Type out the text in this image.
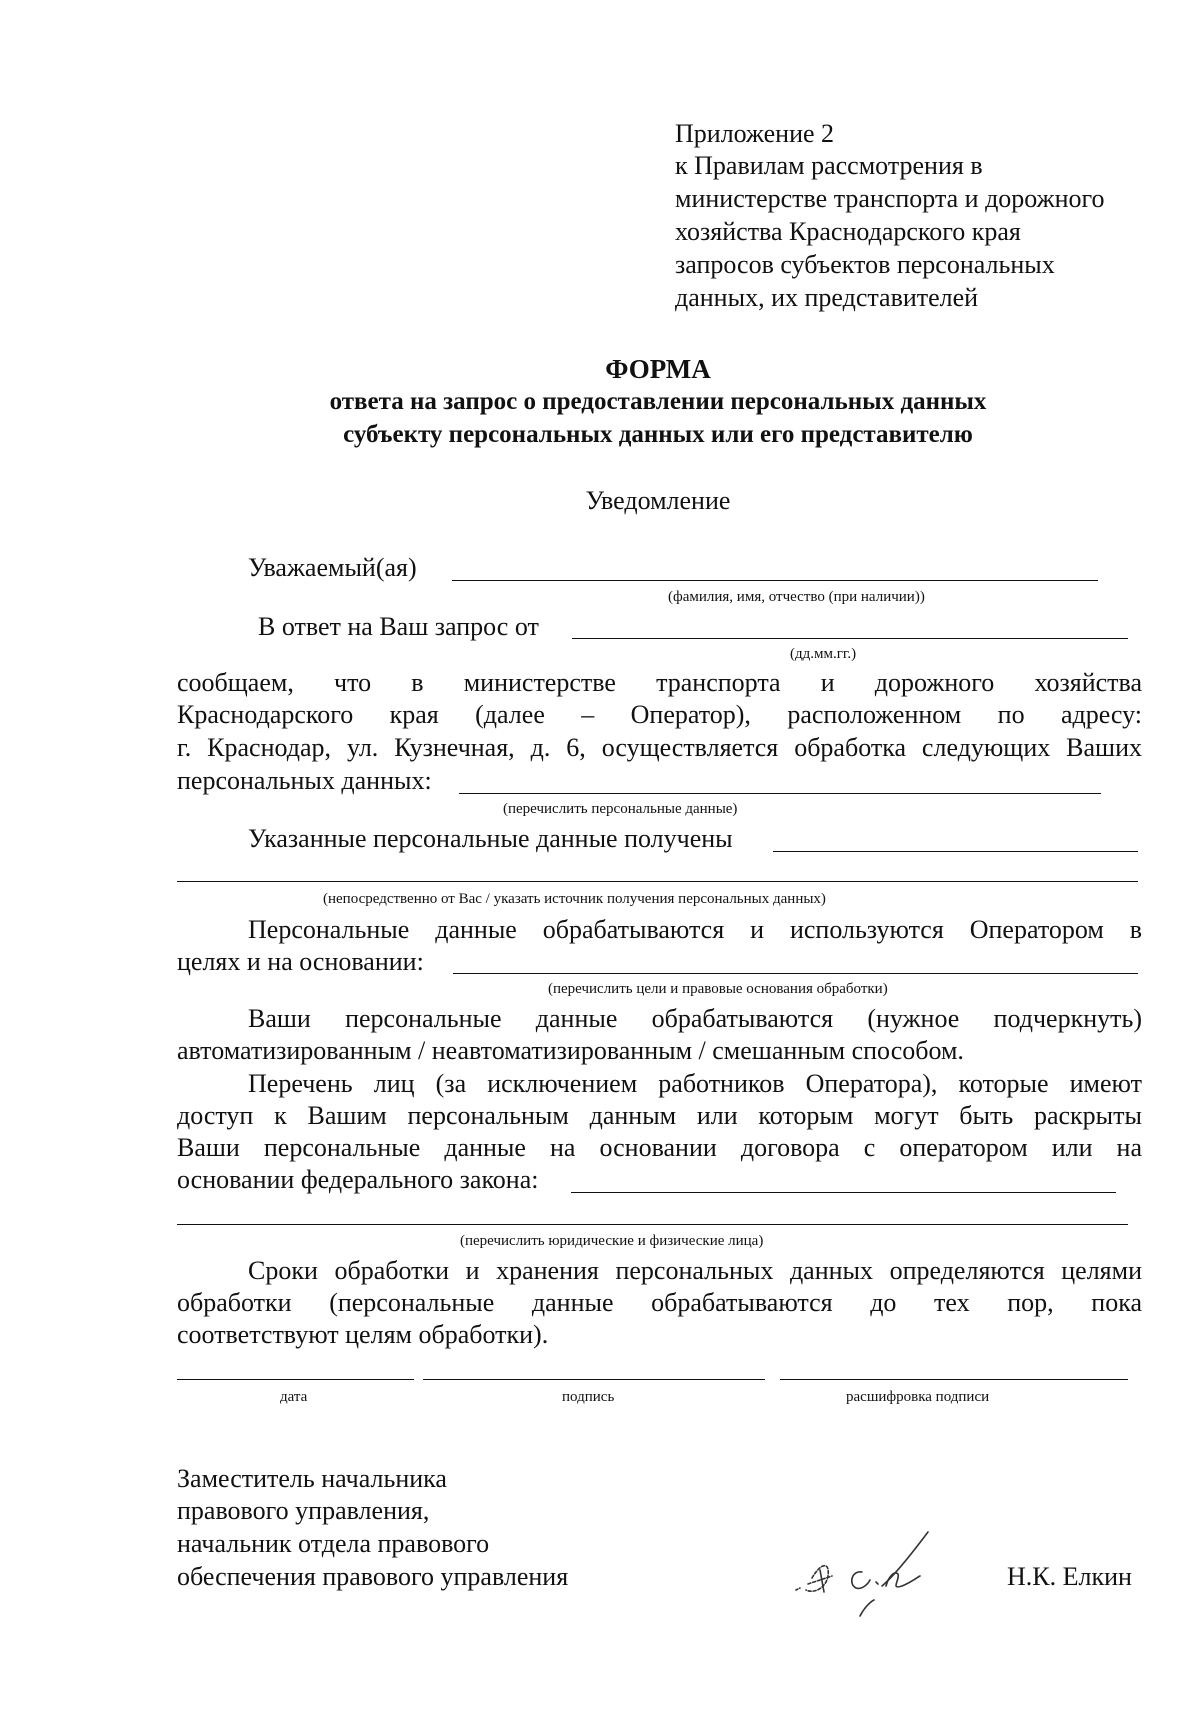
Приложение 2
к Правилам рассмотрения в
министерстве транспорта и дорожного
хозяйства Краснодарского края
запросов субъектов персональных
данных, их представителей
ФОРМА
ответа на запрос о предоставлении персональных данных
субъекту персональных данных или его представителю
Уведомление
Уважаемый(ая)
(фамилия, имя, отчество (при наличии))
В ответ на Ваш запрос от
(дд.мм.гг.)
сообщаем, что в министерстве транспорта и дорожного хозяйства
Краснодарского края (далее – Оператор), расположенном по адресу:
г. Краснодар, ул. Кузнечная, д. 6, осуществляется обработка следующих Ваших
персональных данных:
(перечислить персональные данные)
Указанные персональные данные получены
(непосредственно от Вас / указать источник получения персональных данных)
Персональные данные обрабатываются и используются Оператором в
целях и на основании:
(перечислить цели и правовые основания обработки)
Ваши персональные данные обрабатываются (нужное подчеркнуть)
автоматизированным / неавтоматизированным / смешанным способом.
Перечень лиц (за исключением работников Оператора), которые имеют
доступ к Вашим персональным данным или которым могут быть раскрыты
Ваши персональные данные на основании договора с оператором или на
основании федерального закона:
(перечислить юридические и физические лица)
Сроки обработки и хранения персональных данных определяются целями
обработки (персональные данные обрабатываются до тех пор, пока
соответствуют целям обработки).
дата	подпись	расшифровка подписи
Заместитель начальника
правового управления,
начальник отдела правового
обеспечения правового управления	Н.К. Елкин
